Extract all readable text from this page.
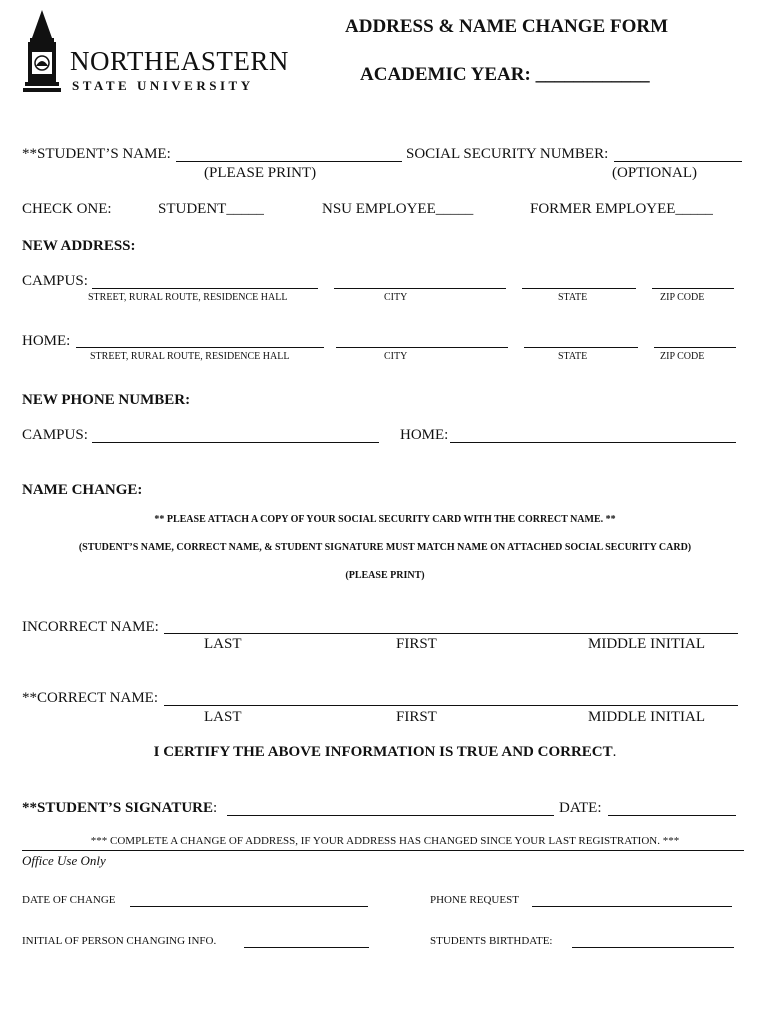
NORTHEASTERN
STATE UNIVERSITY
ADDRESS & NAME CHANGE FORM
ACADEMIC YEAR: ____________
**STUDENT’S NAME:
(PLEASE PRINT)
SOCIAL SECURITY NUMBER:
(OPTIONAL)
CHECK ONE:	STUDENT_____	NSU EMPLOYEE_____	FORMER EMPLOYEE_____
NEW ADDRESS:
CAMPUS:
STREET, RURAL ROUTE, RESIDENCE HALL	CITY	STATE	ZIP CODE
HOME:
STREET, RURAL ROUTE, RESIDENCE HALL	CITY	STATE	ZIP CODE
NEW PHONE NUMBER:
CAMPUS:	HOME:
NAME CHANGE:
** PLEASE ATTACH A COPY OF YOUR SOCIAL SECURITY CARD WITH THE CORRECT NAME. **
(STUDENT’S NAME, CORRECT NAME, & STUDENT SIGNATURE MUST MATCH NAME ON ATTACHED SOCIAL SECURITY CARD)
(PLEASE PRINT)
INCORRECT NAME:
LAST	FIRST	MIDDLE INITIAL
**CORRECT NAME:
LAST	FIRST	MIDDLE INITIAL
I CERTIFY THE ABOVE INFORMATION IS TRUE AND CORRECT.
**STUDENT’S SIGNATURE:	DATE:
*** COMPLETE A CHANGE OF ADDRESS, IF YOUR ADDRESS HAS CHANGED SINCE YOUR LAST REGISTRATION. ***
Office Use Only
DATE OF CHANGE	PHONE REQUEST
INITIAL OF PERSON CHANGING INFO.	STUDENTS BIRTHDATE:
